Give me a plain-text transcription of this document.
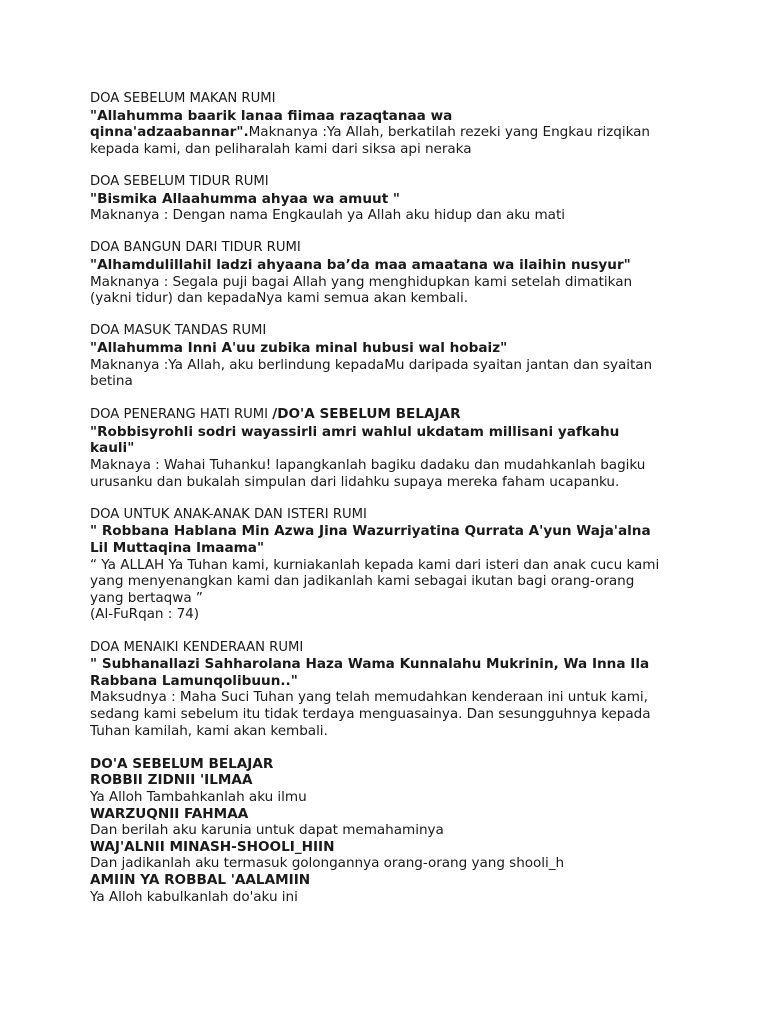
DOA SEBELUM MAKAN RUMI
"Allahumma baarik lanaa fiimaa razaqtanaa wa
qinna'adzaabannar".Maknanya :Ya Allah, berkatilah rezeki yang Engkau rizqikan
kepada kami, dan peliharalah kami dari siksa api neraka
DOA SEBELUM TIDUR RUMI
"Bismika Allaahumma ahyaa wa amuut "
Maknanya : Dengan nama Engkaulah ya Allah aku hidup dan aku mati
DOA BANGUN DARI TIDUR RUMI
"Alhamdulillahil ladzi ahyaana ba’da maa amaatana wa ilaihin nusyur"
Maknanya : Segala puji bagai Allah yang menghidupkan kami setelah dimatikan
(yakni tidur) dan kepadaNya kami semua akan kembali.
DOA MASUK TANDAS RUMI
"Allahumma Inni A'uu zubika minal hubusi wal hobaiz"
Maknanya :Ya Allah, aku berlindung kepadaMu daripada syaitan jantan dan syaitan
betina
DOA PENERANG HATI RUMI /DO'A SEBELUM BELAJAR
"Robbisyrohli sodri wayassirli amri wahlul ukdatam millisani yafkahu
kauli"
Maknaya : Wahai Tuhanku! lapangkanlah bagiku dadaku dan mudahkanlah bagiku
urusanku dan bukalah simpulan dari lidahku supaya mereka faham ucapanku.
DOA UNTUK ANAK-ANAK DAN ISTERI RUMI
" Robbana Hablana Min Azwa Jina Wazurriyatina Qurrata A'yun Waja'alna
Lil Muttaqina Imaama"
“ Ya ALLAH Ya Tuhan kami, kurniakanlah kepada kami dari isteri dan anak cucu kami
yang menyenangkan kami dan jadikanlah kami sebagai ikutan bagi orang-orang
yang bertaqwa ”
(Al-FuRqan : 74)
DOA MENAIKI KENDERAAN RUMI
" Subhanallazi Sahharolana Haza Wama Kunnalahu Mukrinin, Wa Inna Ila
Rabbana Lamunqolibuun.."
Maksudnya : Maha Suci Tuhan yang telah memudahkan kenderaan ini untuk kami,
sedang kami sebelum itu tidak terdaya menguasainya. Dan sesungguhnya kepada
Tuhan kamilah, kami akan kembali.
DO'A SEBELUM BELAJAR
ROBBII ZIDNII 'ILMAA
Ya Alloh Tambahkanlah aku ilmu
WARZUQNII FAHMAA
Dan berilah aku karunia untuk dapat memahaminya
WAJ'ALNII MINASH-SHOOLI_HIIN
Dan jadikanlah aku termasuk golongannya orang-orang yang shooli_h
AMIIN YA ROBBAL 'AALAMIIN
Ya Alloh kabulkanlah do'aku ini
